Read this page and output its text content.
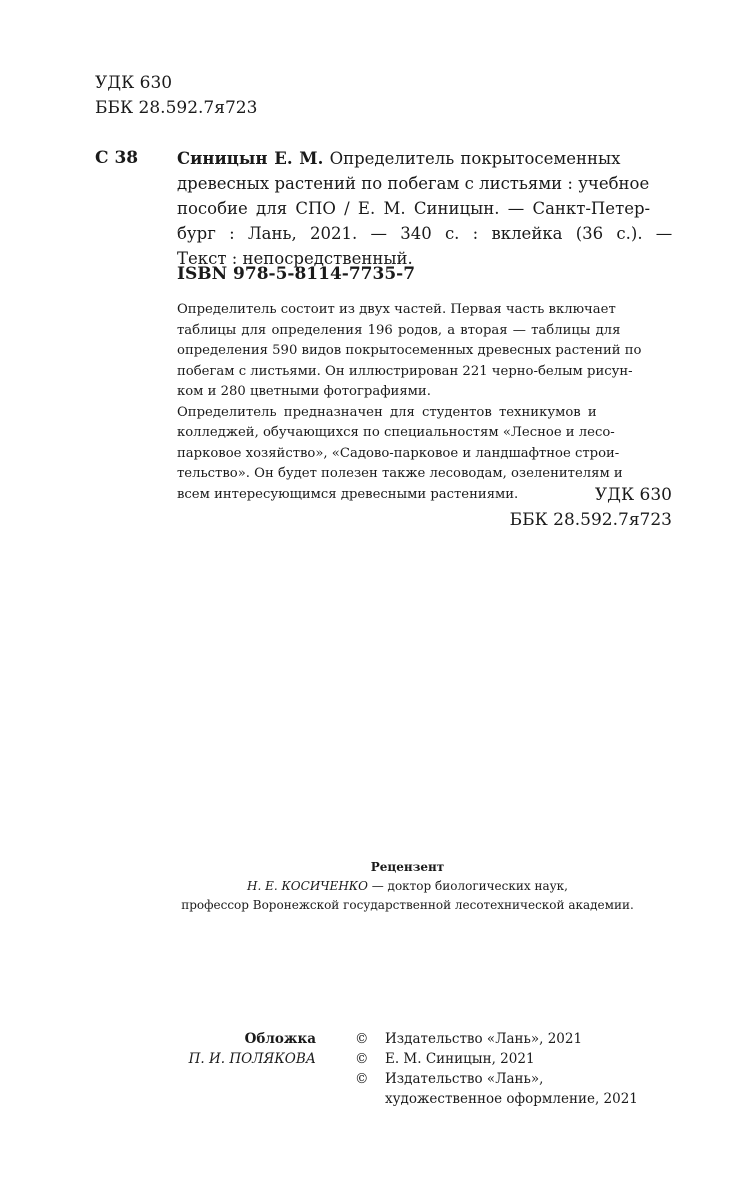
УДК 630
ББК 28.592.7я723
С 38 Синицын Е. М. Определитель покрытосеменных
древесных растений по побегам с листьями : учебное
пособие для СПО / Е. М. Синицын. — Санкт-Петер-
бург : Лань, 2021. — 340 с. : вклейка (36 с.). —
Текст : непосредственный.
ISBN 978-5-8114-7735-7
Определитель состоит из двух частей. Первая часть включает
таблицы для определения 196 родов, а вторая — таблицы для
определения 590 видов покрытосеменных древесных растений по
побегам с листьями. Он иллюстрирован 221 черно-белым рисун-
ком и 280 цветными фотографиями.
Определитель предназначен для студентов техникумов и
колледжей, обучающихся по специальностям «Лесное и лесо-
парковое хозяйство», «Садово-парковое и ландшафтное строи-
тельство». Он будет полезен также лесоводам, озеленителям и
всем интересующимся древесными растениями.	УДК 630
ББК 28.592.7я723
Рецензент
Н. Е. КОСИЧЕНКО — доктор биологических наук,
профессор Воронежской государственной лесотехнической академии.
Обложка
П. И. ПОЛЯКОВА
©	Издательство «Лань», 2021
©	Е. М. Синицын, 2021
©	Издательство «Лань»,
художественное оформление, 2021
